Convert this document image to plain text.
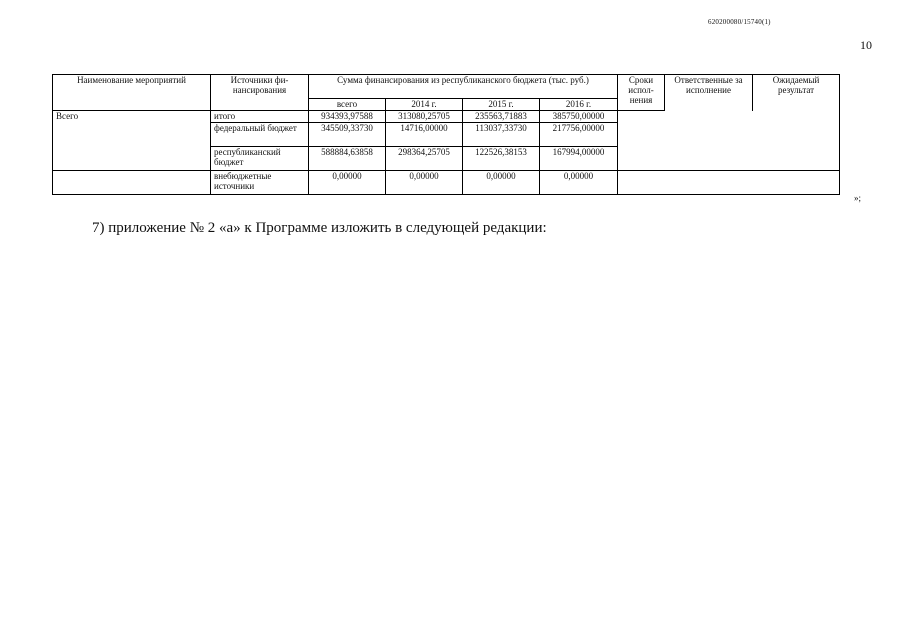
620200080/15740(1)
10
Наименование мероприятий	Источники фи-нансирования	Сумма финансирования из республиканского бюджета (тыс. руб.)				Сроки испол-нения	Ответственные за исполнение	Ожидаемый результат
		всего	2014 г.	2015 г.	2016 г.			
Всего	итого	934393,97588	313080,25705	235563,71883	385750,00000			
	федеральный бюджет	345509,33730	14716,00000	113037,33730	217756,00000			
	республиканский бюджет	588884,63858	298364,25705	122526,38153	167994,00000			
	внебюджетные источники	0,00000	0,00000	0,00000	0,00000			
»;
7) приложение № 2 «а» к Программе изложить в следующей редакции:
